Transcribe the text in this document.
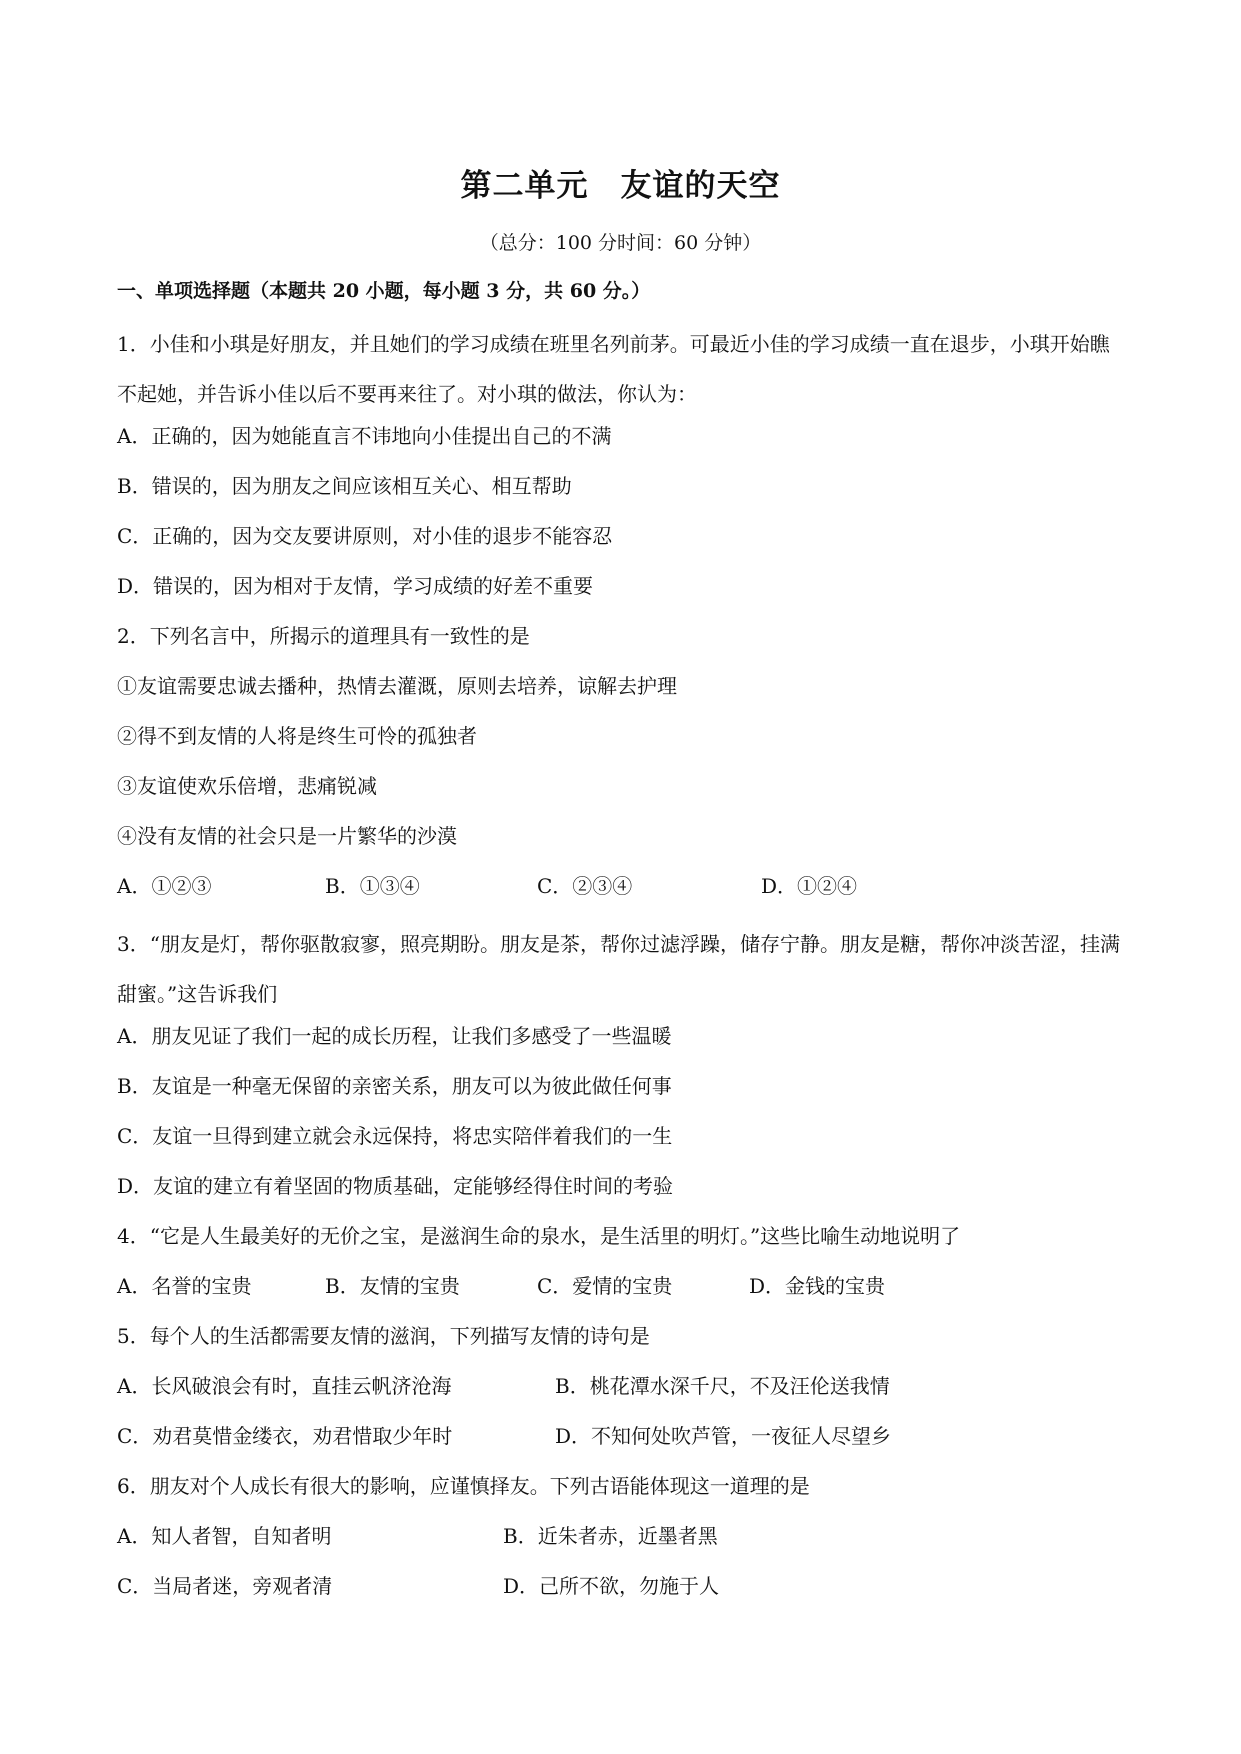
第二单元　友谊的天空
（总分：100 分时间：60 分钟）
一、单项选择题（本题共 20 小题，每小题 3 分，共 60 分。）
1．小佳和小琪是好朋友，并且她们的学习成绩在班里名列前茅。可最近小佳的学习成绩一直在退步，小琪开始瞧不起她，并告诉小佳以后不要再来往了。对小琪的做法，你认为：
A．正确的，因为她能直言不讳地向小佳提出自己的不满
B．错误的，因为朋友之间应该相互关心、相互帮助
C．正确的，因为交友要讲原则，对小佳的退步不能容忍
D．错误的，因为相对于友情，学习成绩的好差不重要
2．下列名言中，所揭示的道理具有一致性的是
①友谊需要忠诚去播种，热情去灌溉，原则去培养，谅解去护理
②得不到友情的人将是终生可怜的孤独者
③友谊使欢乐倍增，悲痛锐减
④没有友情的社会只是一片繁华的沙漠
A．①②③	B．①③④	C．②③④	D．①②④
3．“朋友是灯，帮你驱散寂寥，照亮期盼。朋友是茶，帮你过滤浮躁，储存宁静。朋友是糖，帮你冲淡苦涩，挂满甜蜜。”这告诉我们
A．朋友见证了我们一起的成长历程，让我们多感受了一些温暖
B．友谊是一种毫无保留的亲密关系，朋友可以为彼此做任何事
C．友谊一旦得到建立就会永远保持，将忠实陪伴着我们的一生
D．友谊的建立有着坚固的物质基础，定能够经得住时间的考验
4．“它是人生最美好的无价之宝，是滋润生命的泉水，是生活里的明灯。”这些比喻生动地说明了
A．名誉的宝贵	B．友情的宝贵	C．爱情的宝贵	D．金钱的宝贵
5．每个人的生活都需要友情的滋润，下列描写友情的诗句是
A．长风破浪会有时，直挂云帆济沧海	B．桃花潭水深千尺，不及汪伦送我情
C．劝君莫惜金缕衣，劝君惜取少年时	D．不知何处吹芦管，一夜征人尽望乡
6．朋友对个人成长有很大的影响，应谨慎择友。下列古语能体现这一道理的是
A．知人者智，自知者明	B．近朱者赤，近墨者黑
C．当局者迷，旁观者清	D．己所不欲，勿施于人
